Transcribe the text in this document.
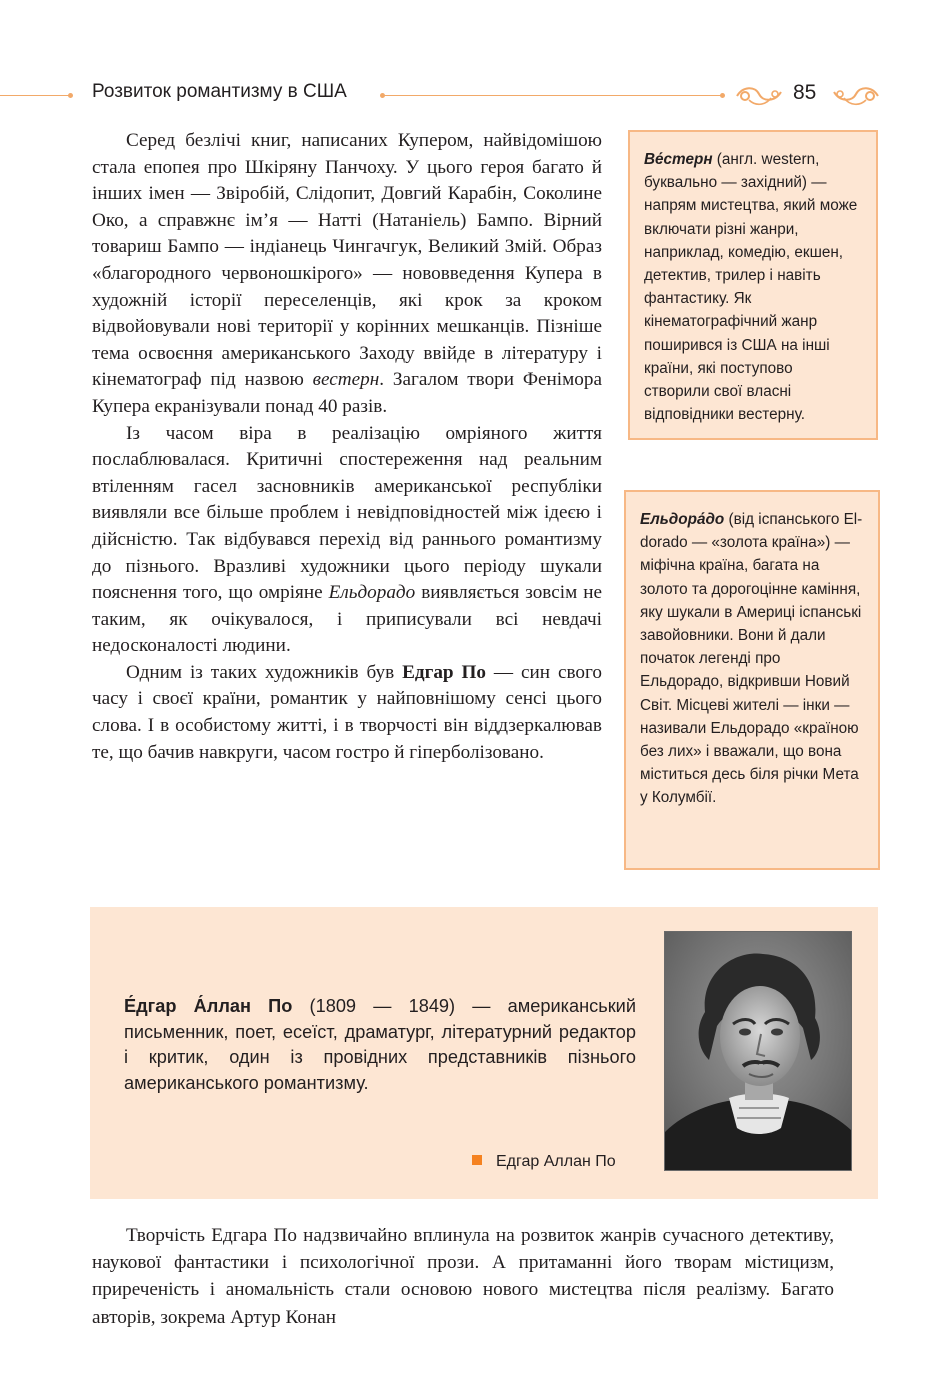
Розвиток романтизму в США	85

Серед безлічі книг, написаних Купером, найвідомішою стала епопея про Шкіряну Панчоху. У цього героя багато й інших імен — Звіробій, Слідопит, Довгий Карабін, Соколине Око, а справжнє ім’я — Натті (Натаніель) Бампо. Вірний товариш Бампо — індіанець Чингачгук, Великий Змій. Образ «благородного червоношкірого» — нововведення Купера в художній історії переселенців, які крок за кроком відвойовували нові території у корінних мешканців. Пізніше тема освоєння американського Заходу ввійде в літературу і кінематограф під назвою вестерн. Загалом твори Фенімора Купера екранізували понад 40 разів.

Із часом віра в реалізацію омріяного життя послаблювалася. Критичні спостереження над реальним втіленням гасел засновників американської республіки виявляли все більше проблем і невідповідностей між ідеєю і дійсністю. Так відбувався перехід від раннього романтизму до пізнього. Вразливі художники цього періоду шукали пояснення того, що омріяне Ельдорадо виявляється зовсім не таким, як очікувалося, і приписували всі невдачі недосконалості людини.

Одним із таких художників був Едгар По — син свого часу і своєї країни, романтик у найповнішому сенсі цього слова. І в особистому житті, і в творчості він віддзеркалював те, що бачив навкруги, часом гостро й гіперболізовано.

Ве́стерн (англ. western, буквально — західний) — напрям мистецтва, який може включати різні жанри, наприклад, комедію, екшен, детектив, трилер і навіть фантастику. Як кінематографічний жанр поширився із США на інші країни, які поступово створили свої власні відповідники вестерну.
Ельдора́до (від іспанського El-dorado — «золота країна») — міфічна країна, багата на золото та дорогоцінне каміння, яку шукали в Америці іспанські завойовники. Вони й дали початок легенді про Ельдорадо, відкривши Новий Світ. Місцеві жителі — інки — називали Ельдорадо «країною без лих» і вважали, що вона міститься десь біля річки Мета у Колумбії.
Е́дгар А́ллан По (1809 — 1849) — американський письменник, поет, есеїст, драматург, літературний редактор і критик, один із провідних представників пізнього американського романтизму.
Едгар Аллан По

Творчість Едгара По надзвичайно вплинула на розвиток жанрів сучасного детективу, наукової фантастики і психологічної прози. А притаманні його творам містицизм, приреченість і аномальність стали основою нового мистецтва після реалізму. Багато авторів, зокрема Артур Конан
